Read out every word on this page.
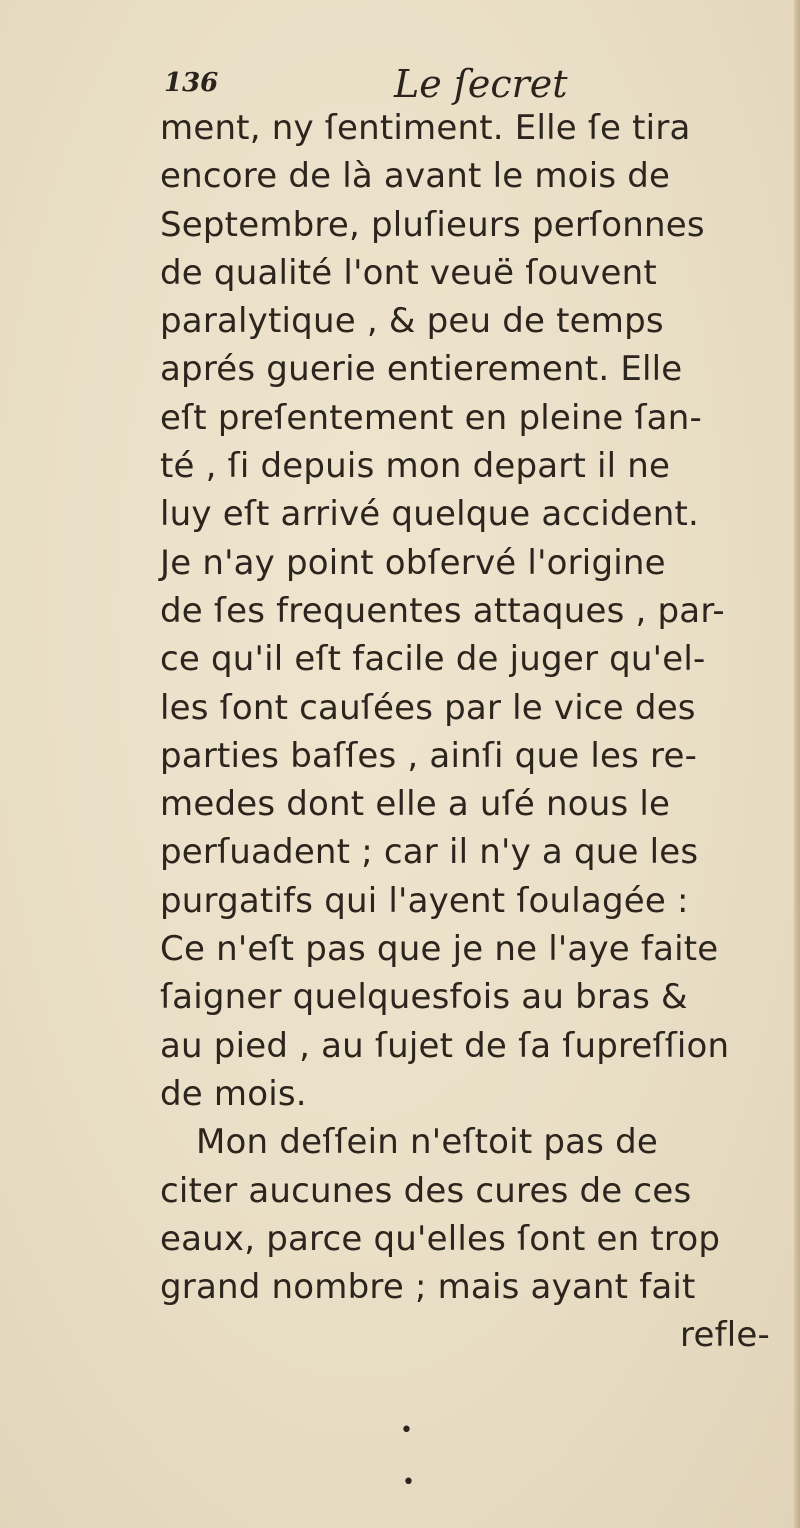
136	Le ſecret
ment, ny ſentiment. Elle ſe tira
encore de là avant le mois de
Septembre, pluſieurs perſonnes
de qualité l'ont veuë ſouvent
paralytique , & peu de temps
aprés guerie entierement. Elle
eſt preſentement en pleine ſan-
té , ſi depuis mon depart il ne
luy eſt arrivé quelque accident.
Je n'ay point obſervé l'origine
de ſes frequentes attaques , par-
ce qu'il eſt facile de juger qu'el-
les ſont cauſées par le vice des
parties baſſes , ainſi que les re-
medes dont elle a uſé nous le
perſuadent ; car il n'y a que les
purgatifs qui l'ayent ſoulagée :
Ce n'eſt pas que je ne l'aye faite
ſaigner quelquesfois au bras &
au pied , au ſujet de ſa ſupreſſion
de mois.
Mon deſſein n'eſtoit pas de
citer aucunes des cures de ces
eaux, parce qu'elles ſont en trop
grand nombre ; mais ayant fait
refle-
•
•
